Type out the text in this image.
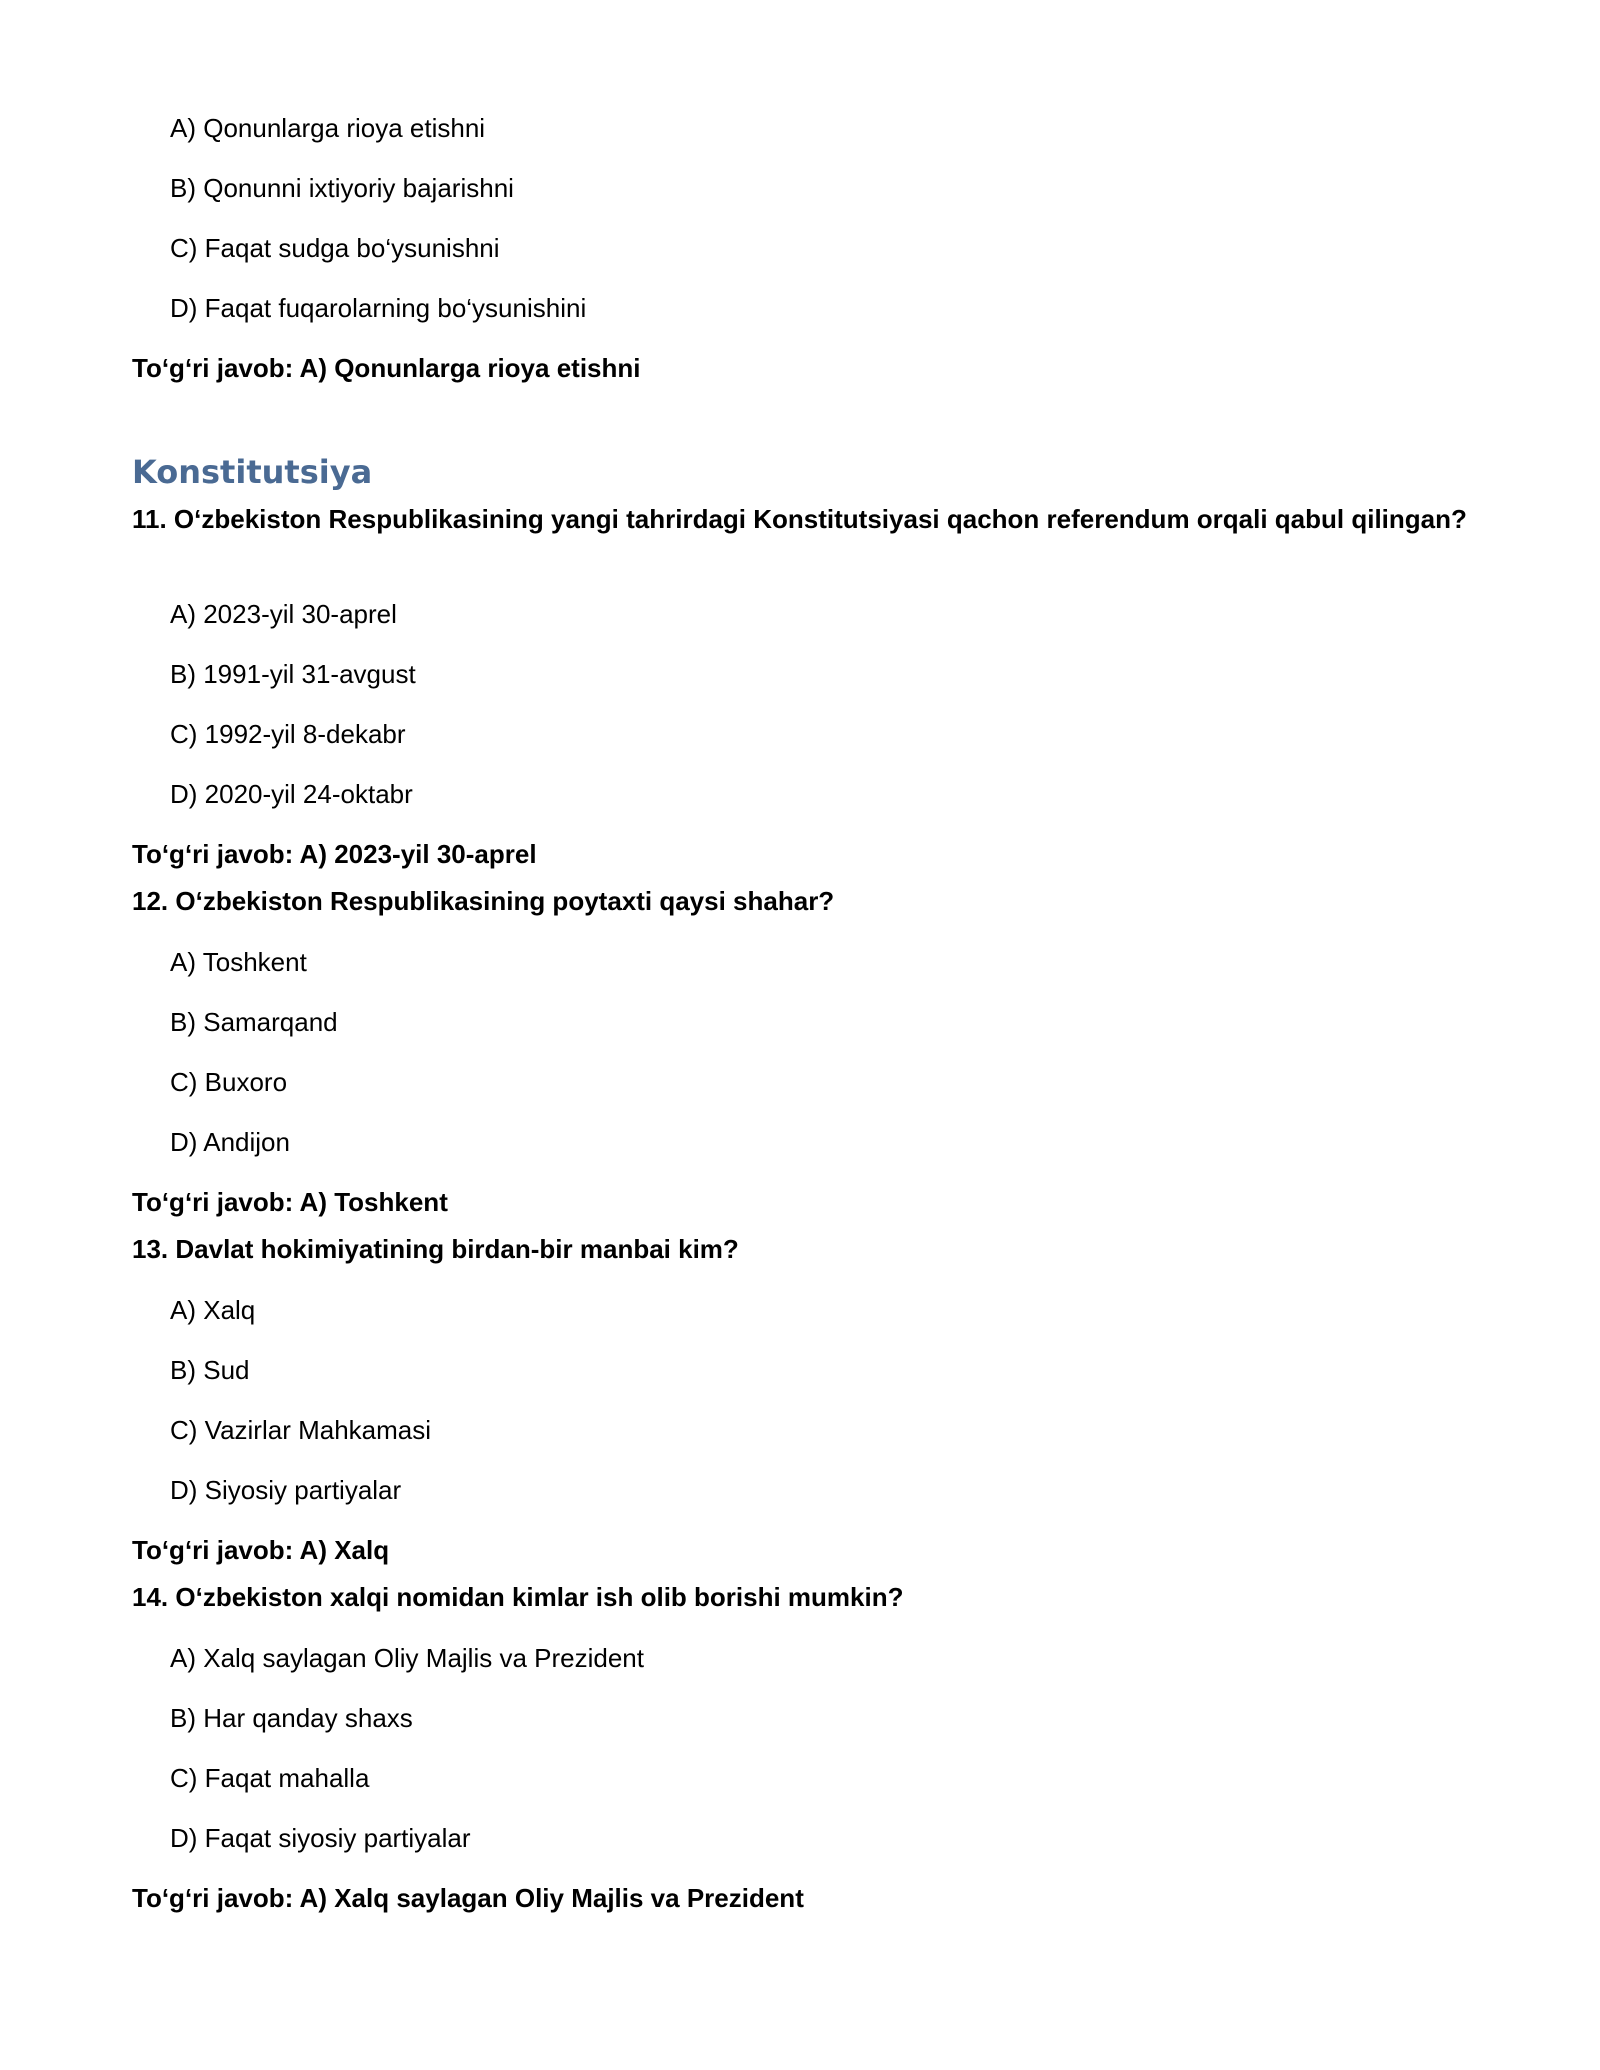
A) Qonunlarga rioya etishni

B) Qonunni ixtiyoriy bajarishni

C) Faqat sudga bo‘ysunishni

D) Faqat fuqarolarning bo‘ysunishini

To‘g‘ri javob: A) Qonunlarga rioya etishni

Konstitutsiya

11. O‘zbekiston Respublikasining yangi tahrirdagi Konstitutsiyasi qachon referendum orqali qabul qilingan?

A) 2023-yil 30-aprel

B) 1991-yil 31-avgust

C) 1992-yil 8-dekabr

D) 2020-yil 24-oktabr

To‘g‘ri javob: A) 2023-yil 30-aprel

12. O‘zbekiston Respublikasining poytaxti qaysi shahar?

A) Toshkent

B) Samarqand

C) Buxoro

D) Andijon

To‘g‘ri javob: A) Toshkent

13. Davlat hokimiyatining birdan-bir manbai kim?

A) Xalq

B) Sud

C) Vazirlar Mahkamasi

D) Siyosiy partiyalar

To‘g‘ri javob: A) Xalq

14. O‘zbekiston xalqi nomidan kimlar ish olib borishi mumkin?

A) Xalq saylagan Oliy Majlis va Prezident

B) Har qanday shaxs

C) Faqat mahalla

D) Faqat siyosiy partiyalar

To‘g‘ri javob: A) Xalq saylagan Oliy Majlis va Prezident
